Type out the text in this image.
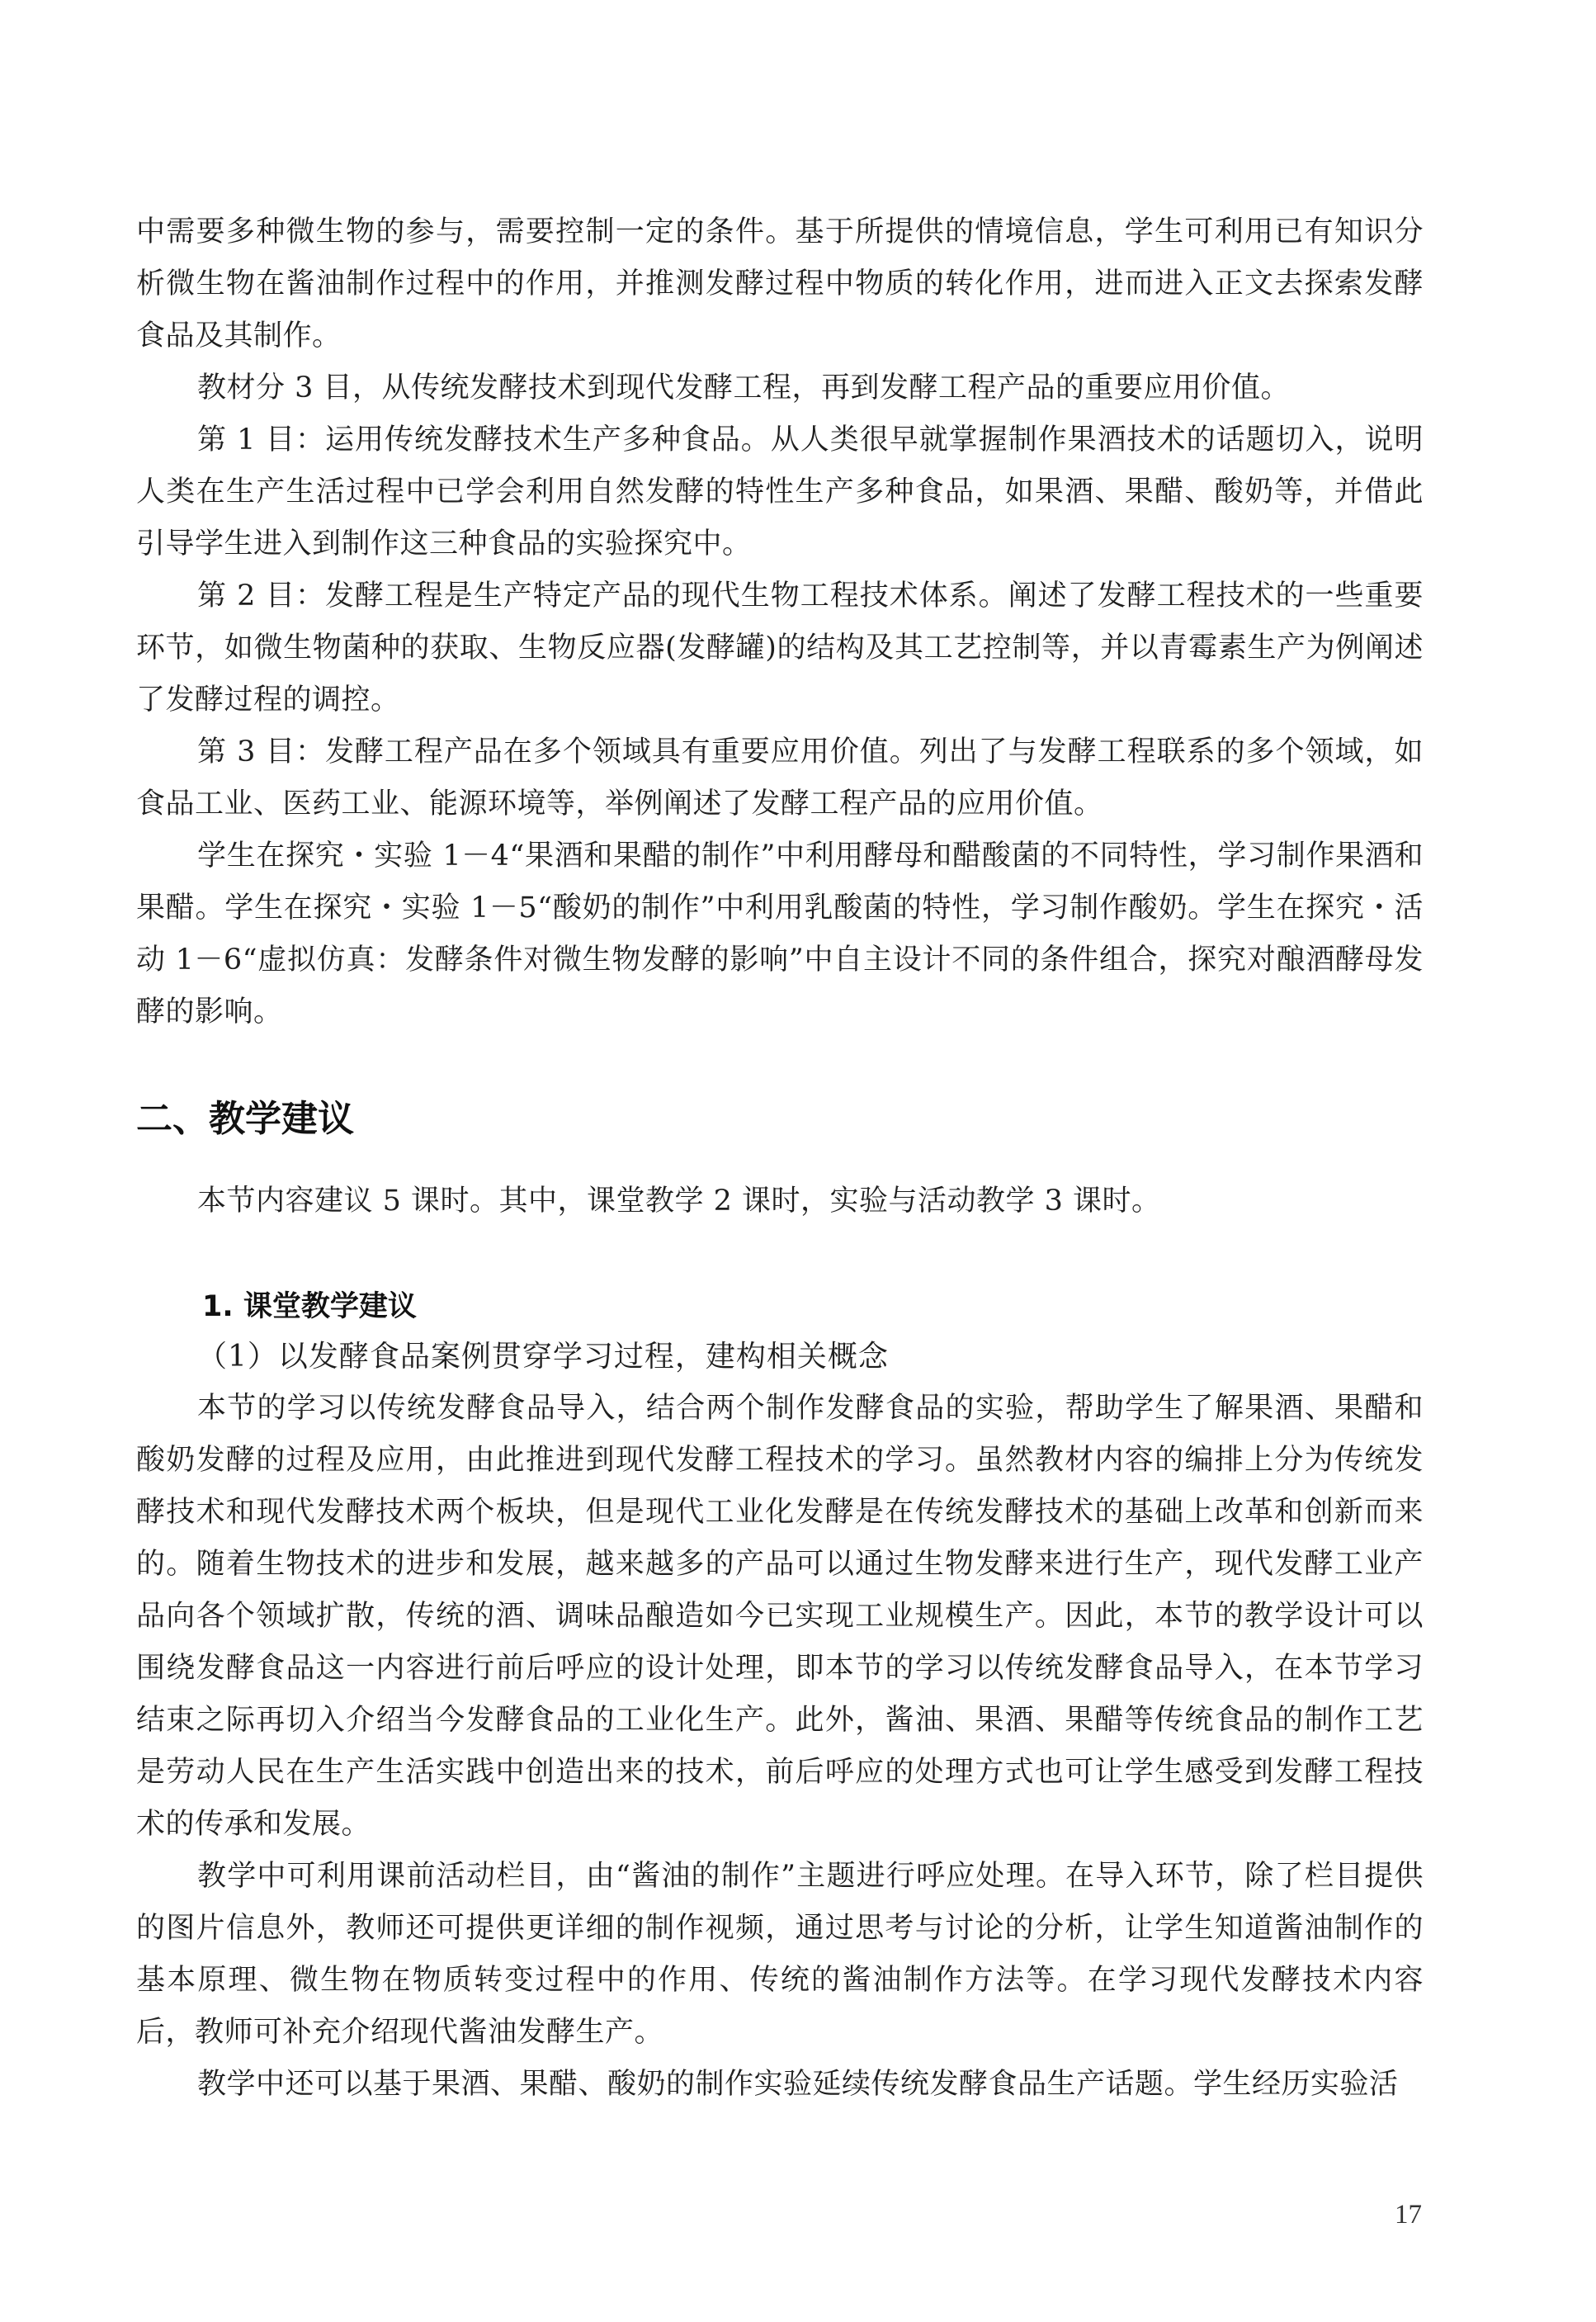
中需要多种微生物的参与，需要控制一定的条件。基于所提供的情境信息，学生可利用已有知识分析微生物在酱油制作过程中的作用，并推测发酵过程中物质的转化作用，进而进入正文去探索发酵食品及其制作。

教材分 3 目，从传统发酵技术到现代发酵工程，再到发酵工程产品的重要应用价值。

第 1 目：运用传统发酵技术生产多种食品。从人类很早就掌握制作果酒技术的话题切入，说明人类在生产生活过程中已学会利用自然发酵的特性生产多种食品，如果酒、果醋、酸奶等，并借此引导学生进入到制作这三种食品的实验探究中。

第 2 目：发酵工程是生产特定产品的现代生物工程技术体系。阐述了发酵工程技术的一些重要环节，如微生物菌种的获取、生物反应器(发酵罐)的结构及其工艺控制等，并以青霉素生产为例阐述了发酵过程的调控。

第 3 目：发酵工程产品在多个领域具有重要应用价值。列出了与发酵工程联系的多个领域，如食品工业、医药工业、能源环境等，举例阐述了发酵工程产品的应用价值。

学生在探究・实验 1－4“果酒和果醋的制作”中利用酵母和醋酸菌的不同特性，学习制作果酒和果醋。学生在探究・实验 1－5“酸奶的制作”中利用乳酸菌的特性，学习制作酸奶。学生在探究・活动 1－6“虚拟仿真：发酵条件对微生物发酵的影响”中自主设计不同的条件组合，探究对酿酒酵母发酵的影响。

二、教学建议

本节内容建议 5 课时。其中，课堂教学 2 课时，实验与活动教学 3 课时。

1. 课堂教学建议
（1）以发酵食品案例贯穿学习过程，建构相关概念

本节的学习以传统发酵食品导入，结合两个制作发酵食品的实验，帮助学生了解果酒、果醋和酸奶发酵的过程及应用，由此推进到现代发酵工程技术的学习。虽然教材内容的编排上分为传统发酵技术和现代发酵技术两个板块，但是现代工业化发酵是在传统发酵技术的基础上改革和创新而来的。随着生物技术的进步和发展，越来越多的产品可以通过生物发酵来进行生产，现代发酵工业产品向各个领域扩散，传统的酒、调味品酿造如今已实现工业规模生产。因此，本节的教学设计可以围绕发酵食品这一内容进行前后呼应的设计处理，即本节的学习以传统发酵食品导入，在本节学习结束之际再切入介绍当今发酵食品的工业化生产。此外，酱油、果酒、果醋等传统食品的制作工艺是劳动人民在生产生活实践中创造出来的技术，前后呼应的处理方式也可让学生感受到发酵工程技术的传承和发展。

教学中可利用课前活动栏目，由“酱油的制作”主题进行呼应处理。在导入环节，除了栏目提供的图片信息外，教师还可提供更详细的制作视频，通过思考与讨论的分析，让学生知道酱油制作的基本原理、微生物在物质转变过程中的作用、传统的酱油制作方法等。在学习现代发酵技术内容后，教师可补充介绍现代酱油发酵生产。

教学中还可以基于果酒、果醋、酸奶的制作实验延续传统发酵食品生产话题。学生经历实验活

17
